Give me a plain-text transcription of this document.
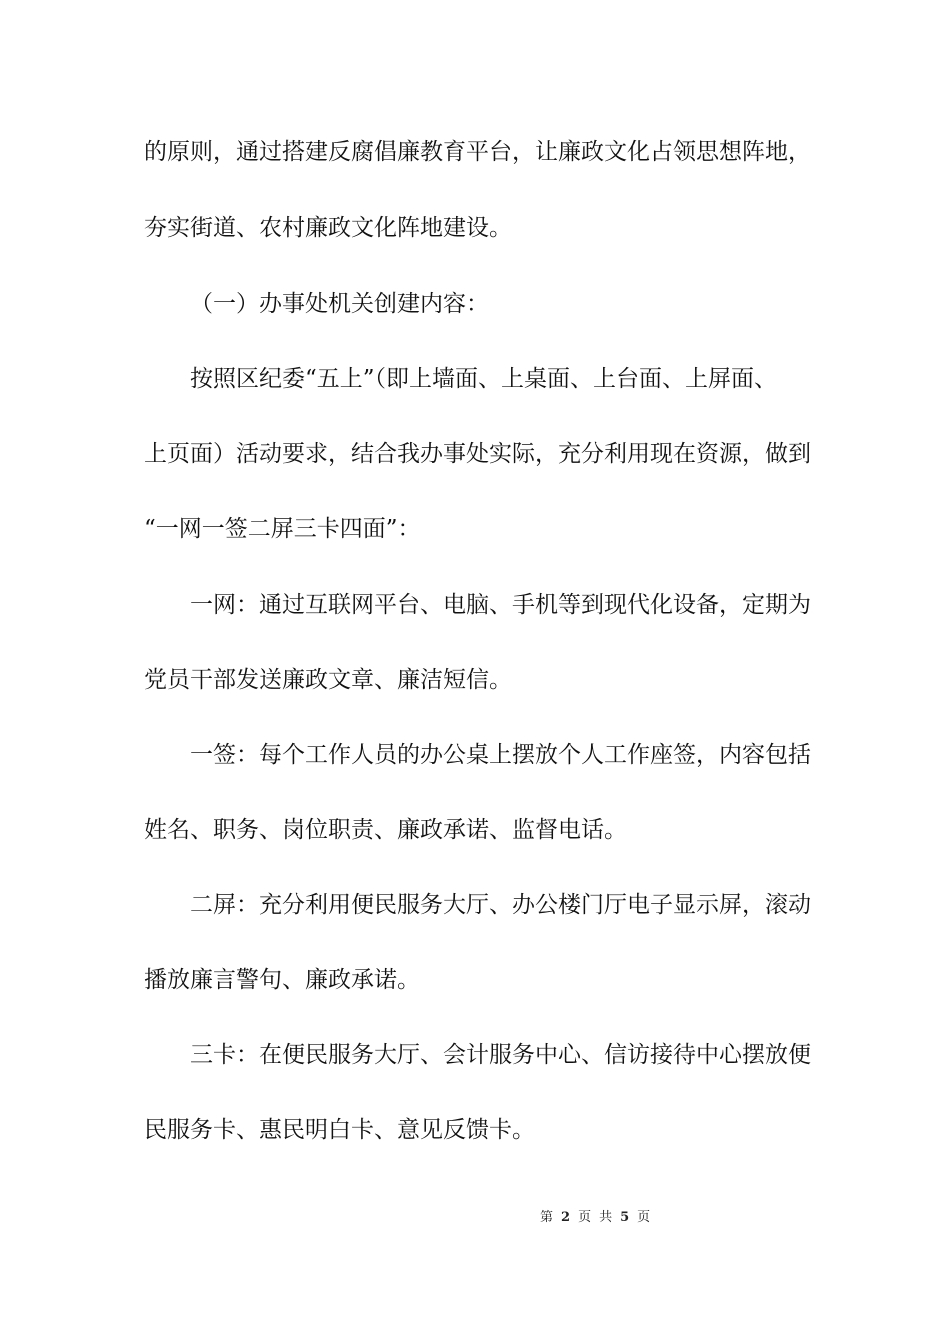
的原则，通过搭建反腐倡廉教育平台，让廉政文化占领思想阵地，
夯实街道、农村廉政文化阵地建设。
（一）办事处机关创建内容：
按照区纪委“五上”（即上墙面、上桌面、上台面、上屏面、
上页面）活动要求，结合我办事处实际，充分利用现在资源，做到
“一网一签二屏三卡四面”：
一网：通过互联网平台、电脑、手机等到现代化设备，定期为
党员干部发送廉政文章、廉洁短信。
一签：每个工作人员的办公桌上摆放个人工作座签，内容包括
姓名、职务、岗位职责、廉政承诺、监督电话。
二屏：充分利用便民服务大厅、办公楼门厅电子显示屏，滚动
播放廉言警句、廉政承诺。
三卡：在便民服务大厅、会计服务中心、信访接待中心摆放便
民服务卡、惠民明白卡、意见反馈卡。
第 2 页 共 5 页
